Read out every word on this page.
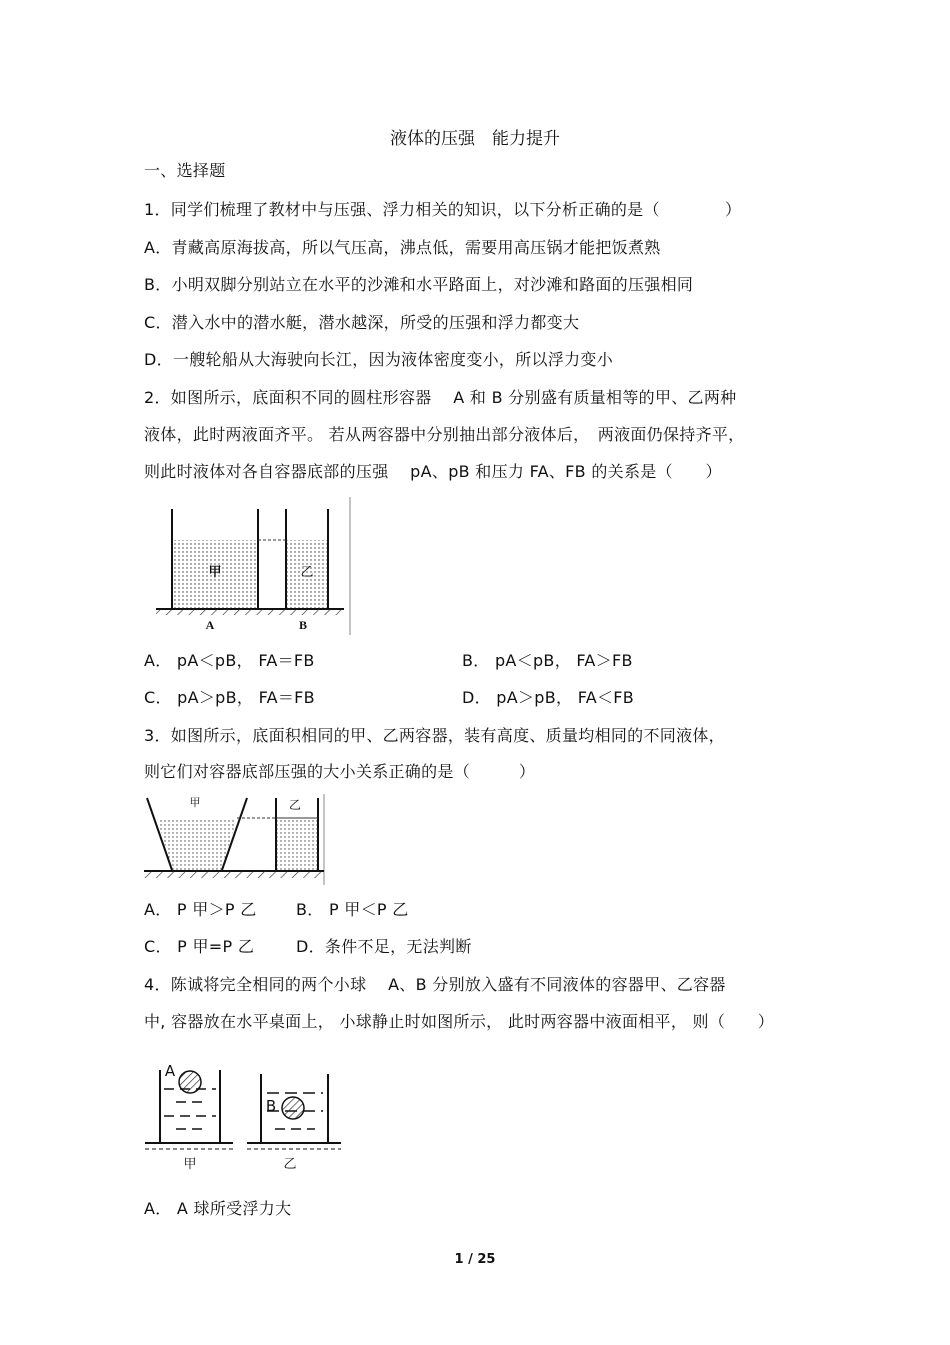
液体的压强　能力提升
一、选择题
1．同学们梳理了教材中与压强、浮力相关的知识，以下分析正确的是（　　　　）
A．青藏高原海拔高，所以气压高，沸点低，需要用高压锅才能把饭煮熟
B．小明双脚分别站立在水平的沙滩和水平路面上，对沙滩和路面的压强相同
C．潜入水中的潜水艇，潜水越深，所受的压强和浮力都变大
D．一艘轮船从大海驶向长江，因为液体密度变小，所以浮力变小
2．如图所示，底面积不同的圆柱形容器　 A 和 B 分别盛有质量相等的甲、乙两种
液体，此时两液面齐平。 若从两容器中分别抽出部分液体后，　两液面仍保持齐平，
则此时液体对各自容器底部的压强　 pA、pB 和压力 FA、FB 的关系是（　　）
甲	乙
A	B
A． pA＜pB， FA＝FB	B． pA＜pB， FA＞FB
C． pA＞pB， FA＝FB	D． pA＞pB， FA＜FB
3．如图所示，底面积相同的甲、乙两容器，装有高度、质量均相同的不同液体，
则它们对容器底部压强的大小关系正确的是（　　　）
甲	乙
A． P 甲＞P 乙 B． P 甲＜P 乙
C． P 甲=P 乙	D．条件不足，无法判断
4．陈诚将完全相同的两个小球　 A、B 分别放入盛有不同液体的容器甲、乙容器
中, 容器放在水平桌面上， 小球静止时如图所示， 此时两容器中液面相平， 则（　　）
A
B
甲	乙
A． A 球所受浮力大
1 / 25
